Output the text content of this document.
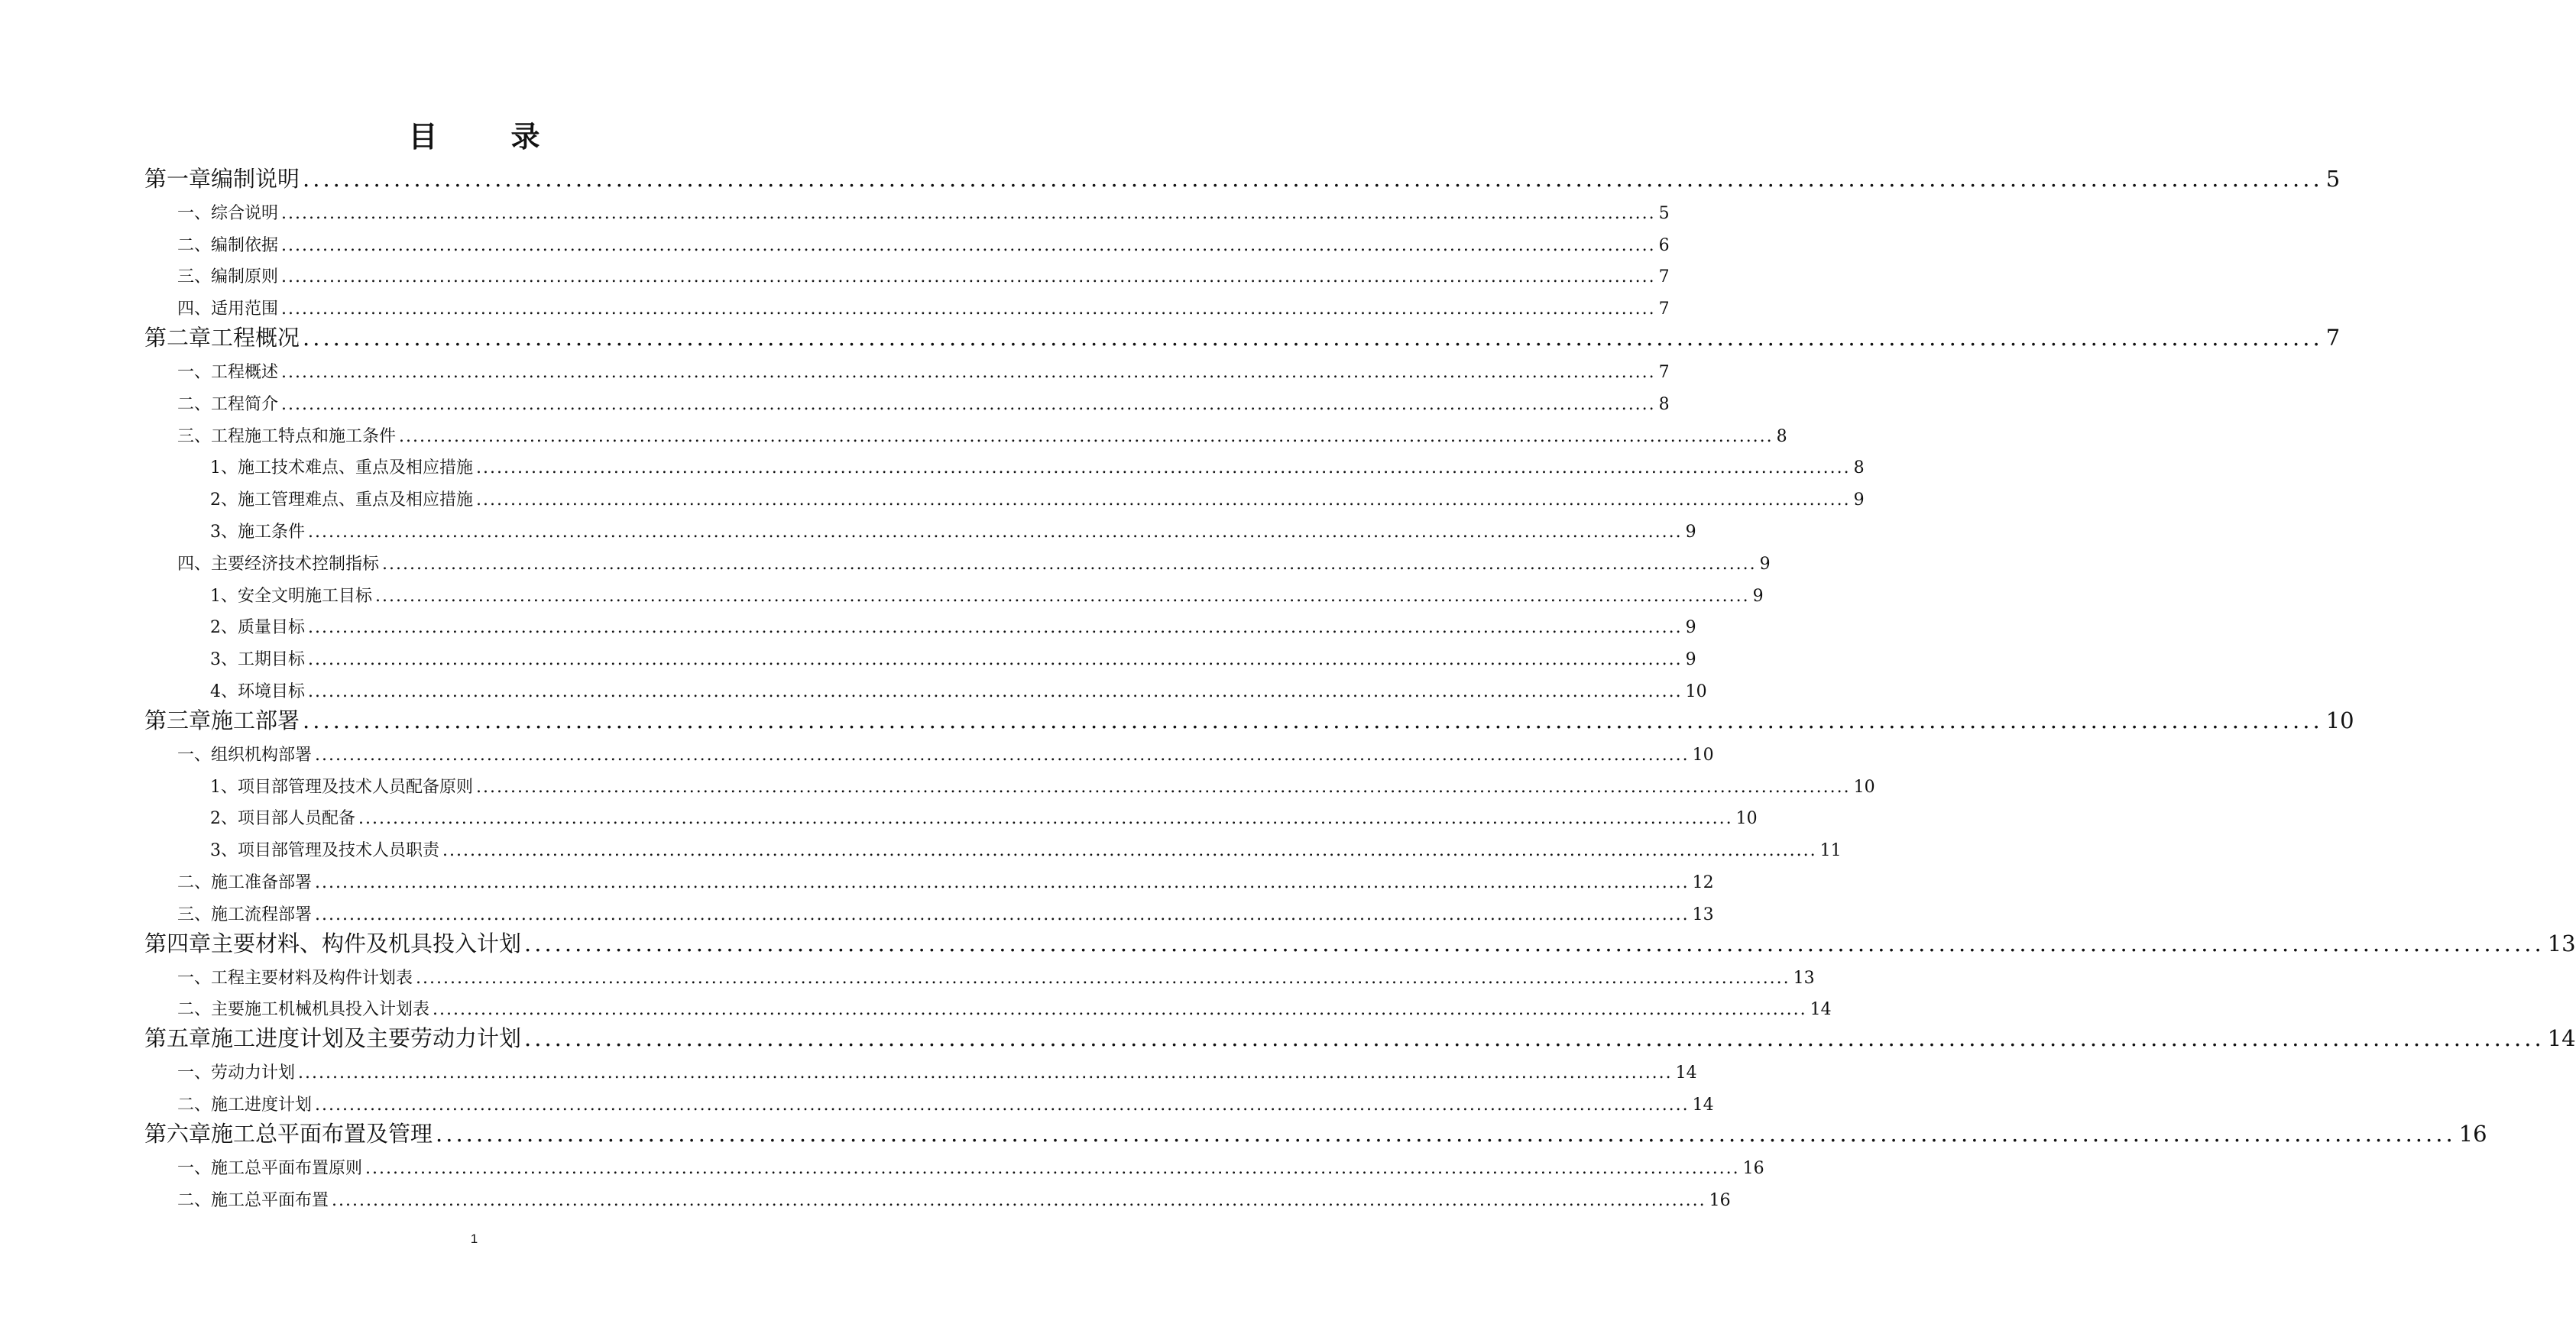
目	录
第一章 编制说明 ........................................................................................................................................................................................................ 5
一、 综合说明 ........................................................................................................................................................................................................ 5
二、 编制依据 ........................................................................................................................................................................................................ 6
三、 编制原则 ........................................................................................................................................................................................................ 7
四、 适用范围 ........................................................................................................................................................................................................ 7
第二章 工程概况 ........................................................................................................................................................................................................ 7
一、 工程概述 ........................................................................................................................................................................................................ 7
二、 工程简介 ........................................................................................................................................................................................................ 8
三、 工程施工特点和施工条件 ........................................................................................................................................................................................................ 8
1、施工技术难点、重点及相应措施 ........................................................................................................................................................................................................ 8
2、施工管理难点、重点及相应措施 ........................................................................................................................................................................................................ 9
3、施工条件 ........................................................................................................................................................................................................ 9
四、 主要经济技术控制指标 ........................................................................................................................................................................................................ 9
1、安全文明施工目标 ........................................................................................................................................................................................................ 9
2、质量目标 ........................................................................................................................................................................................................ 9
3、工期目标 ........................................................................................................................................................................................................ 9
4、环境目标 ........................................................................................................................................................................................................ 10
第三章 施工部署 ........................................................................................................................................................................................................ 10
一、 组织机构部署 ........................................................................................................................................................................................................ 10
1、项目部管理及技术人员配备原则 ........................................................................................................................................................................................................ 10
2、项目部人员配备 ........................................................................................................................................................................................................ 10
3、项目部管理及技术人员职责 ........................................................................................................................................................................................................ 11
二、 施工准备部署 ........................................................................................................................................................................................................ 12
三、 施工流程部署 ........................................................................................................................................................................................................ 13
第四章 主要材料、构件及机具投入计划 ........................................................................................................................................................................................................ 13
一、 工程主要材料及构件计划表 ........................................................................................................................................................................................................ 13
二、 主要施工机械机具投入计划表 ........................................................................................................................................................................................................ 14
第五章 施工进度计划及主要劳动力计划 ........................................................................................................................................................................................................ 14
一、 劳动力计划 ........................................................................................................................................................................................................ 14
二、 施工进度计划 ........................................................................................................................................................................................................ 14
第六章 施工总平面布置及管理 ........................................................................................................................................................................................................ 16
一、 施工总平面布置原则 ........................................................................................................................................................................................................ 16
二、 施工总平面布置 ........................................................................................................................................................................................................ 16
1
